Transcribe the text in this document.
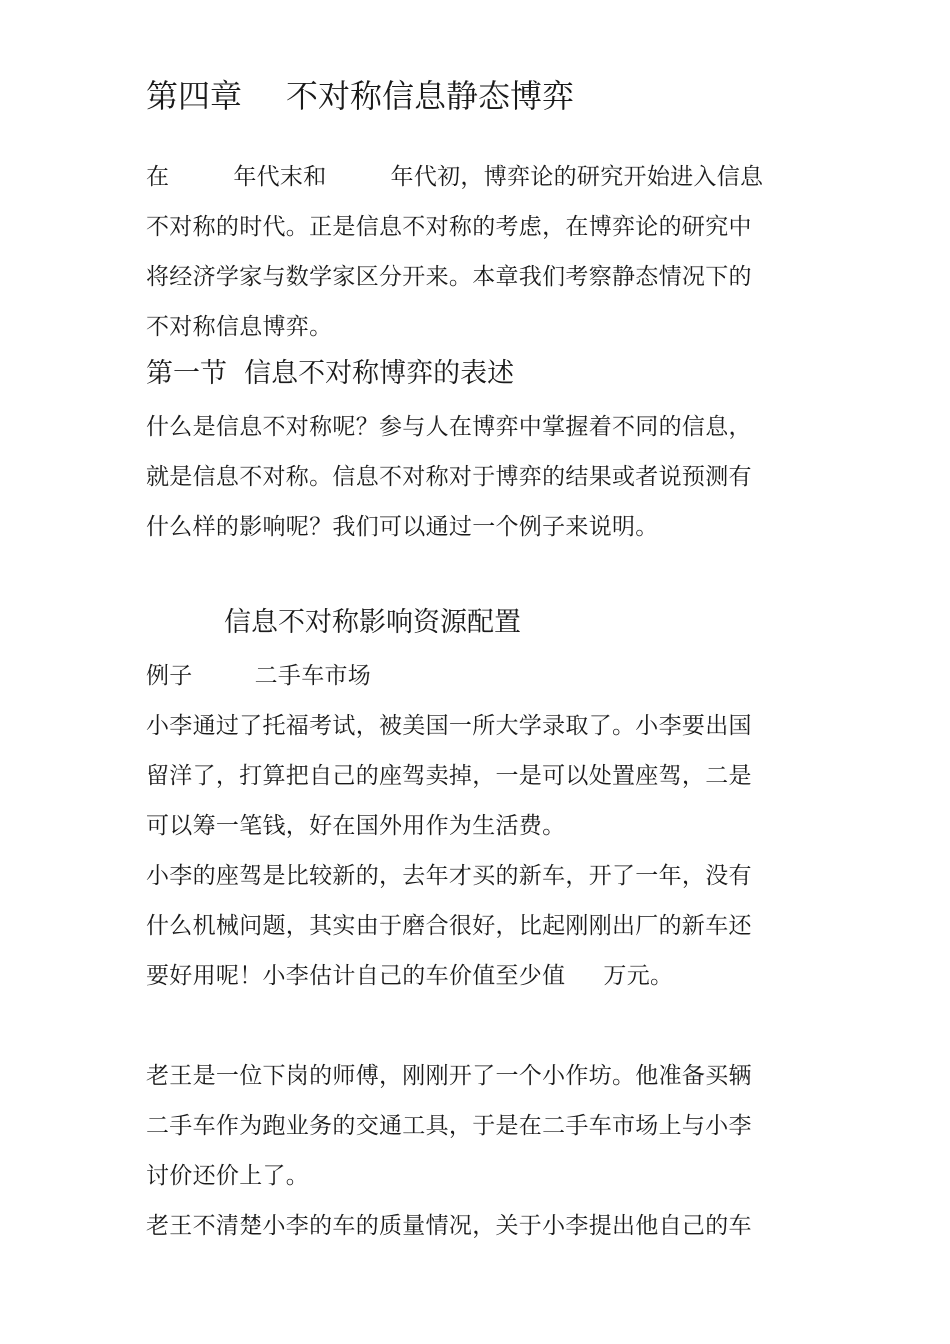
第四章 不对称信息静态博弈
在	年代末和	年代初，博弈论的研究开始进入信息
不对称的时代。正是信息不对称的考虑，在博弈论的研究中
将经济学家与数学家区分开来。本章我们考察静态情况下的
不对称信息博弈。
第一节  信息不对称博弈的表述
什么是信息不对称呢？参与人在博弈中掌握着不同的信息，
就是信息不对称。信息不对称对于博弈的结果或者说预测有
什么样的影响呢？我们可以通过一个例子来说明。
信息不对称影响资源配置
例子	二手车市场
小李通过了托福考试，被美国一所大学录取了。小李要出国
留洋了，打算把自己的座驾卖掉，一是可以处置座驾，二是
可以筹一笔钱，好在国外用作为生活费。
小李的座驾是比较新的，去年才买的新车，开了一年，没有
什么机械问题，其实由于磨合很好，比起刚刚出厂的新车还
要好用呢！小李估计自己的车价值至少值 万元。
老王是一位下岗的师傅，刚刚开了一个小作坊。他准备买辆
二手车作为跑业务的交通工具，于是在二手车市场上与小李
讨价还价上了。
老王不清楚小李的车的质量情况，关于小李提出他自己的车
